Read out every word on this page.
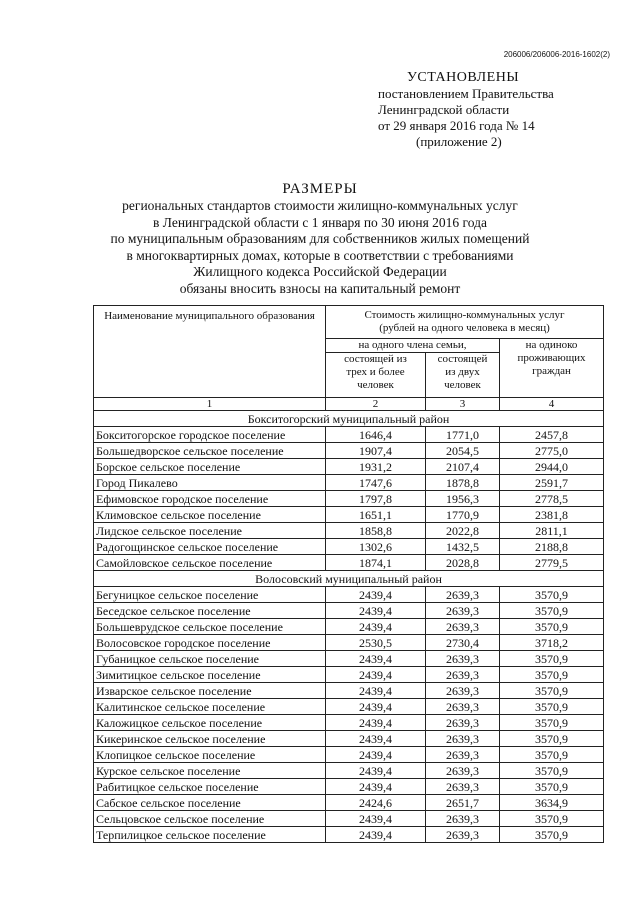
206006/206006-2016-1602(2)
УСТАНОВЛЕНЫ
постановлением Правительства
Ленинградской области
от 29 января 2016 года № 14
(приложение 2)
РАЗМЕРЫ
региональных стандартов стоимости жилищно-коммунальных услуг
в Ленинградской области с 1 января по 30 июня 2016 года
по муниципальным образованиям для собственников жилых помещений
в многоквартирных домах, которые в соответствии с требованиями
Жилищного кодекса Российской Федерации
обязаны вносить взносы на капитальный ремонт
Наименование муниципального образования	Стоимость жилищно-коммунальных услуг (рублей на одного человека в месяц)		
	на одного члена семьи,		на одиноко проживающих граждан
	состоящей из трех и более человек	состоящей из двух человек	
1	2	3	4
Бокситогорский муниципальный район			
Бокситогорское городское поселение	1646,4	1771,0	2457,8
Большедворское сельское поселение	1907,4	2054,5	2775,0
Борское сельское поселение	1931,2	2107,4	2944,0
Город Пикалево	1747,6	1878,8	2591,7
Ефимовское городское поселение	1797,8	1956,3	2778,5
Климовское сельское поселение	1651,1	1770,9	2381,8
Лидское сельское поселение	1858,8	2022,8	2811,1
Радогощинское сельское поселение	1302,6	1432,5	2188,8
Самойловское сельское поселение	1874,1	2028,8	2779,5
Волосовский муниципальный район			
Бегуницкое сельское поселение	2439,4	2639,3	3570,9
Беседское сельское поселение	2439,4	2639,3	3570,9
Большеврудское сельское поселение	2439,4	2639,3	3570,9
Волосовское городское поселение	2530,5	2730,4	3718,2
Губаницкое сельское поселение	2439,4	2639,3	3570,9
Зимитицкое сельское поселение	2439,4	2639,3	3570,9
Изварское сельское поселение	2439,4	2639,3	3570,9
Калитинское сельское поселение	2439,4	2639,3	3570,9
Каложицкое сельское поселение	2439,4	2639,3	3570,9
Кикеринское сельское поселение	2439,4	2639,3	3570,9
Клопицкое сельское поселение	2439,4	2639,3	3570,9
Курское сельское поселение	2439,4	2639,3	3570,9
Рабитицкое сельское поселение	2439,4	2639,3	3570,9
Сабское сельское поселение	2424,6	2651,7	3634,9
Сельцовское сельское поселение	2439,4	2639,3	3570,9
Терпилицкое сельское поселение	2439,4	2639,3	3570,9
